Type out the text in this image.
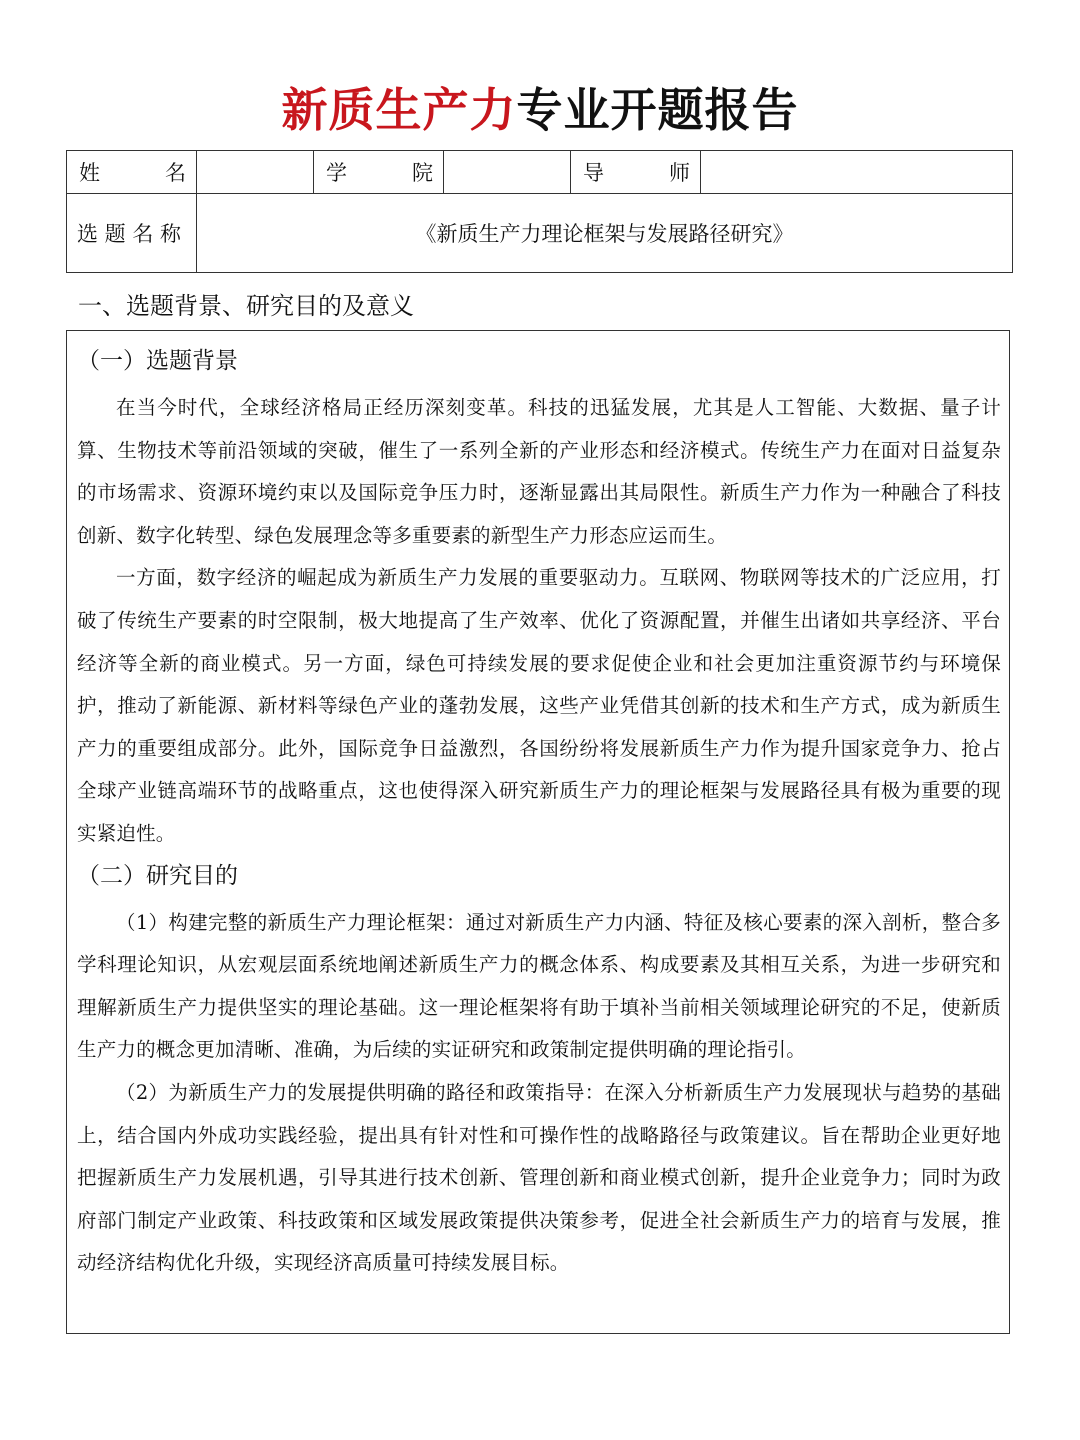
新质生产力专业开题报告
姓 名		学 院		导 师	

选 题 名 称	《新质生产力理论框架与发展路径研究》				
一、选题背景、研究目的及意义
（一）选题背景

在当今时代，全球经济格局正经历深刻变革。科技的迅猛发展，尤其是人工智能、大数据、量子计算、生物技术等前沿领域的突破，催生了一系列全新的产业形态和经济模式。传统生产力在面对日益复杂的市场需求、资源环境约束以及国际竞争压力时，逐渐显露出其局限性。新质生产力作为一种融合了科技创新、数字化转型、绿色发展理念等多重要素的新型生产力形态应运而生。

一方面，数字经济的崛起成为新质生产力发展的重要驱动力。互联网、物联网等技术的广泛应用，打破了传统生产要素的时空限制，极大地提高了生产效率、优化了资源配置，并催生出诸如共享经济、平台经济等全新的商业模式。另一方面，绿色可持续发展的要求促使企业和社会更加注重资源节约与环境保护，推动了新能源、新材料等绿色产业的蓬勃发展，这些产业凭借其创新的技术和生产方式，成为新质生产力的重要组成部分。此外，国际竞争日益激烈，各国纷纷将发展新质生产力作为提升国家竞争力、抢占全球产业链高端环节的战略重点，这也使得深入研究新质生产力的理论框架与发展路径具有极为重要的现实紧迫性。

（二）研究目的

（1）构建完整的新质生产力理论框架：通过对新质生产力内涵、特征及核心要素的深入剖析，整合多学科理论知识，从宏观层面系统地阐述新质生产力的概念体系、构成要素及其相互关系，为进一步研究和理解新质生产力提供坚实的理论基础。这一理论框架将有助于填补当前相关领域理论研究的不足，使新质生产力的概念更加清晰、准确，为后续的实证研究和政策制定提供明确的理论指引。

（2）为新质生产力的发展提供明确的路径和政策指导：在深入分析新质生产力发展现状与趋势的基础上，结合国内外成功实践经验，提出具有针对性和可操作性的战略路径与政策建议。旨在帮助企业更好地把握新质生产力发展机遇，引导其进行技术创新、管理创新和商业模式创新，提升企业竞争力；同时为政府部门制定产业政策、科技政策和区域发展政策提供决策参考，促进全社会新质生产力的培育与发展，推动经济结构优化升级，实现经济高质量可持续发展目标。
